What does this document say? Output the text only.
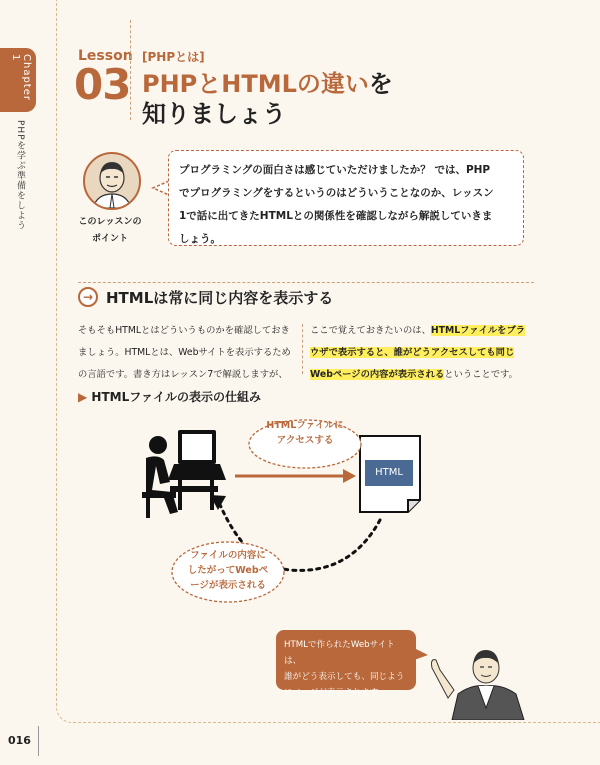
Chapter 1
PHPを学ぶ準備をしよう
Lesson
03
[PHPとは]
PHPとHTMLの違いを
知りましょう
このレッスンの
ポイント
プログラミングの面白さは感じていただけましたか？ では、PHP
でプログラミングをするというのはどういうことなのか、レッスン
1で話に出てきたHTMLとの関係性を確認しながら解説していきま
しょう。
→ HTMLは常に同じ内容を表示する
そもそもHTMLとはどういうものかを確認しておき
ましょう。HTMLとは、Webサイトを表示するため
の言語です。書き方はレッスン7で解説しますが、
ここで覚えておきたいのは、HTMLファイルをブラ
ウザで表示すると、誰がどうアクセスしても同じ
Webページの内容が表示されるということです。
▶ HTMLファイルの表示の仕組み
HTMLファイルに
アクセスする
HTML
ファイルの内容に
したがってWebペ
ージが表示される
HTMLで作られたWebサイトは、
誰がどう表示しても、同じよう
にページが表示されます。
016
